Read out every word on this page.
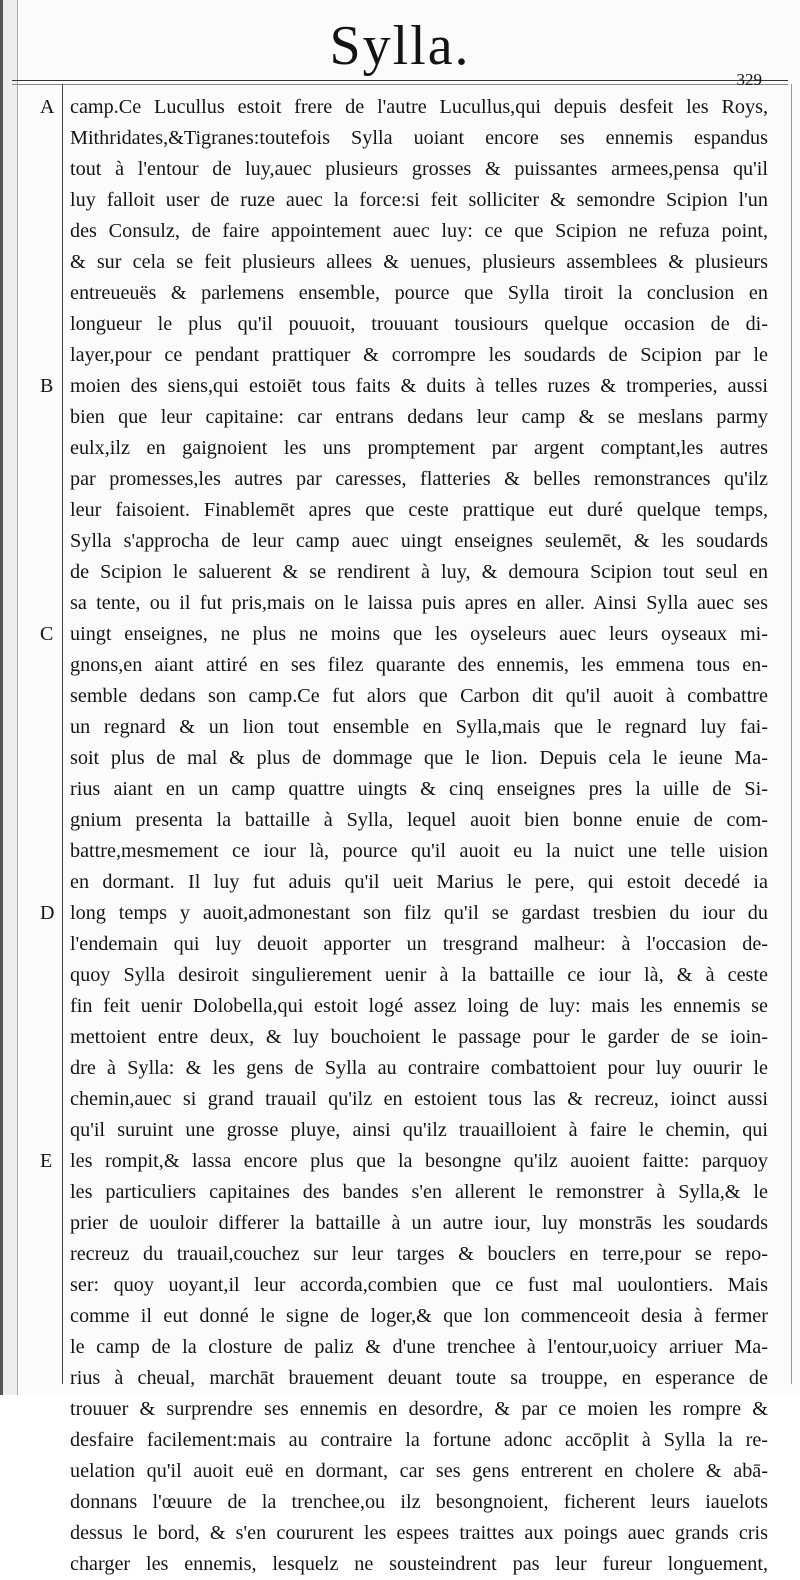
Sylla.
329
A
B
C
D
E
camp.Ce Lucullus estoit frere de l'autre Lucullus,qui depuis desfeit les Roys,
Mithridates,&Tigranes:toutefois Sylla uoiant encore ses ennemis espandus
tout à l'entour de luy,auec plusieurs grosses & puissantes armees,pensa qu'il
luy falloit user de ruze auec la force:si feit solliciter & semondre Scipion l'un
des Consulz, de faire appointement auec luy: ce que Scipion ne refuza point,
& sur cela se feit plusieurs allees & uenues, plusieurs assemblees & plusieurs
entreueuës & parlemens ensemble, pource que Sylla tiroit la conclusion en
longueur le plus qu'il pouuoit, trouuant tousiours quelque occasion de di-
layer,pour ce pendant prattiquer & corrompre les soudards de Scipion par le
moien des siens,qui estoiēt tous faits & duits à telles ruzes & tromperies, aussi
bien que leur capitaine: car entrans dedans leur camp & se meslans parmy
eulx,ilz en gaignoient les uns promptement par argent comptant,les autres
par promesses,les autres par caresses, flatteries & belles remonstrances qu'ilz
leur faisoient. Finablemēt apres que ceste prattique eut duré quelque temps,
Sylla s'approcha de leur camp auec uingt enseignes seulemēt, & les soudards
de Scipion le saluerent & se rendirent à luy, & demoura Scipion tout seul en
sa tente, ou il fut pris,mais on le laissa puis apres en aller. Ainsi Sylla auec ses
uingt enseignes, ne plus ne moins que les oyseleurs auec leurs oyseaux mi-
gnons,en aiant attiré en ses filez quarante des ennemis, les emmena tous en-
semble dedans son camp.Ce fut alors que Carbon dit qu'il auoit à combattre
un regnard & un lion tout ensemble en Sylla,mais que le regnard luy fai-
soit plus de mal & plus de dommage que le lion. Depuis cela le ieune Ma-
rius aiant en un camp quattre uingts & cinq enseignes pres la uille de Si-
gnium presenta la battaille à Sylla, lequel auoit bien bonne enuie de com-
battre,mesmement ce iour là, pource qu'il auoit eu la nuict une telle uision
en dormant. Il luy fut aduis qu'il ueit Marius le pere, qui estoit decedé ia
long temps y auoit,admonestant son filz qu'il se gardast tresbien du iour du
l'endemain qui luy deuoit apporter un tresgrand malheur: à l'occasion de-
quoy Sylla desiroit singulierement uenir à la battaille ce iour là, & à ceste
fin feit uenir Dolobella,qui estoit logé assez loing de luy: mais les ennemis se
mettoient entre deux, & luy bouchoient le passage pour le garder de se ioin-
dre à Sylla: & les gens de Sylla au contraire combattoient pour luy ouurir le
chemin,auec si grand trauail qu'ilz en estoient tous las & recreuz, ioinct aussi
qu'il suruint une grosse pluye, ainsi qu'ilz trauailloient à faire le chemin, qui
les rompit,& lassa encore plus que la besongne qu'ilz auoient faitte: parquoy
les particuliers capitaines des bandes s'en allerent le remonstrer à Sylla,& le
prier de uouloir differer la battaille à un autre iour, luy monstrās les soudards
recreuz du trauail,couchez sur leur targes & bouclers en terre,pour se repo-
ser: quoy uoyant,il leur accorda,combien que ce fust mal uoulontiers. Mais
comme il eut donné le signe de loger,& que lon commenceoit desia à fermer
le camp de la closture de paliz & d'une trenchee à l'entour,uoicy arriuer Ma-
rius à cheual, marchāt brauement deuant toute sa trouppe, en esperance de
trouuer & surprendre ses ennemis en desordre, & par ce moien les rompre &
desfaire facilement:mais au contraire la fortune adonc accōplit à Sylla la re-
uelation qu'il auoit euë en dormant, car ses gens entrerent en cholere & abā-
donnans l'œuure de la trenchee,ou ilz besongnoient, ficherent leurs iauelots
dessus le bord, & s'en coururent les espees traittes aux poings auec grands cris
charger les ennemis, lesquelz ne sousteindrent pas leur fureur longuement,
